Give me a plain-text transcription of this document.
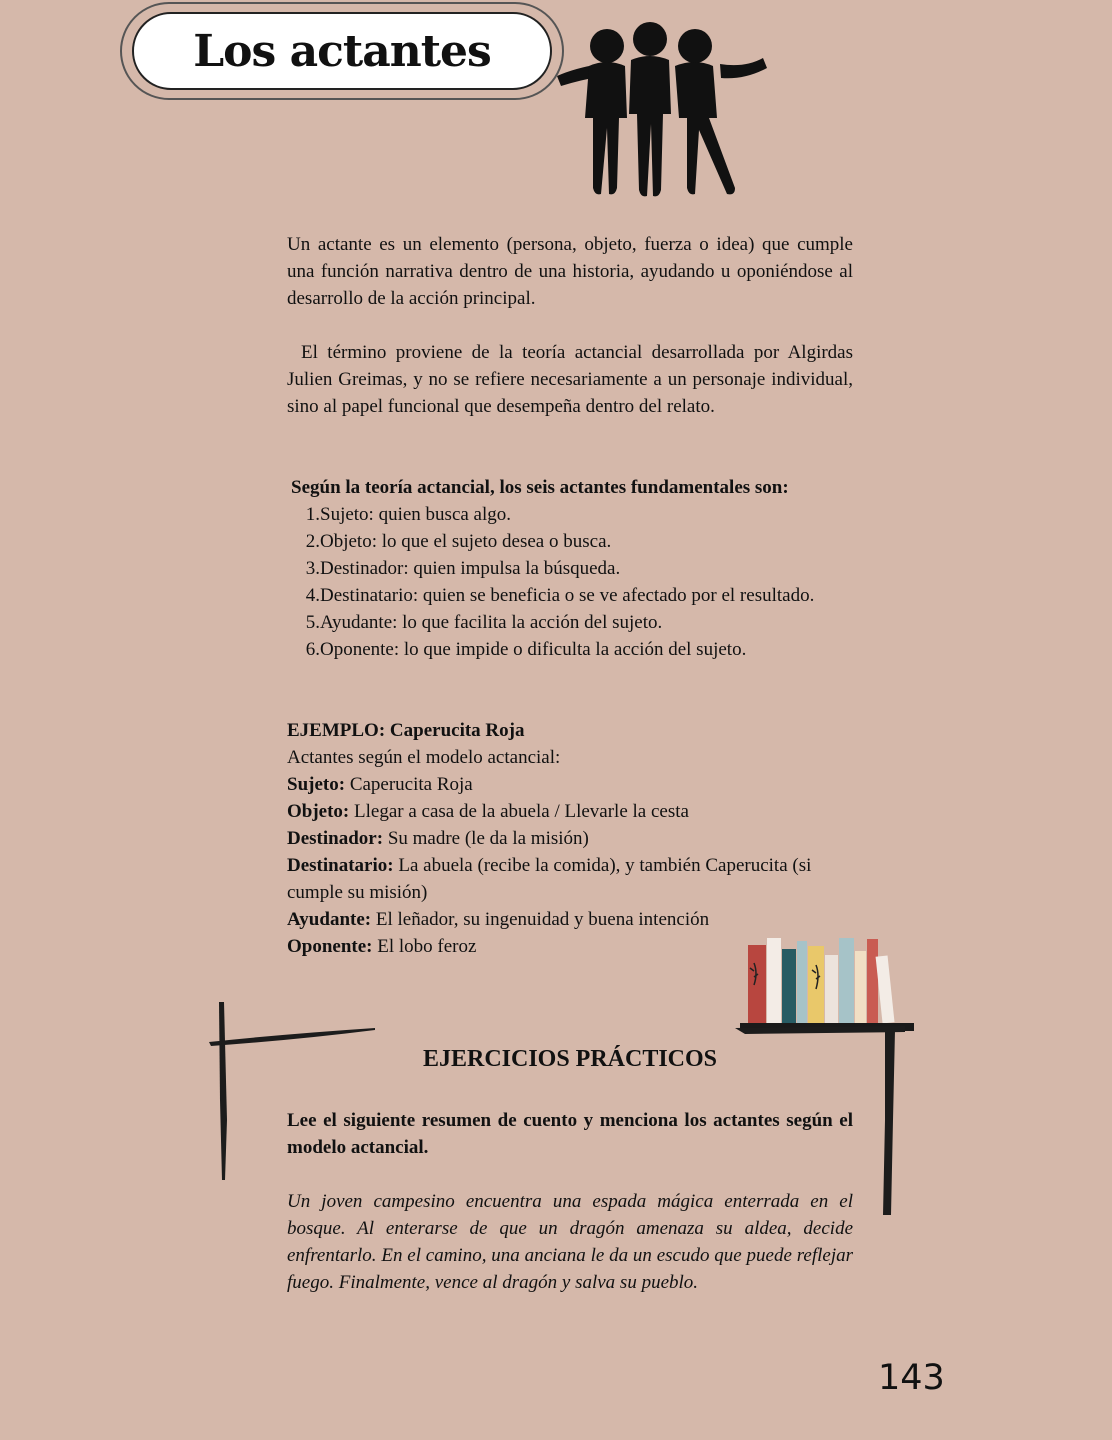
Los actantes

Un actante es un elemento (persona, objeto, fuerza o idea) que cumple una función narrativa dentro de una historia, ayudando u oponiéndose al desarrollo de la acción principal.

El término proviene de la teoría actancial desarrollada por Algirdas Julien Greimas, y no se refiere necesariamente a un personaje individual, sino al papel funcional que desempeña dentro del relato.

Según la teoría actancial, los seis actantes fundamentales son:

1. Sujeto: quien busca algo.
2. Objeto: lo que el sujeto desea o busca.
3. Destinador: quien impulsa la búsqueda.
4. Destinatario: quien se beneficia o se ve afectado por el resultado.
5. Ayudante: lo que facilita la acción del sujeto.
6. Oponente: lo que impide o dificulta la acción del sujeto.

EJEMPLO: Caperucita Roja

Actantes según el modelo actancial:

Sujeto: Caperucita Roja

Objeto: Llegar a casa de la abuela / Llevarle la cesta

Destinador: Su madre (le da la misión)

Destinatario: La abuela (recibe la comida), y también Caperucita (si cumple su misión)

Ayudante: El leñador, su ingenuidad y buena intención

Oponente: El lobo feroz

EJERCICIOS PRÁCTICOS
Lee el siguiente resumen de cuento y menciona los actantes según el modelo actancial.
Un joven campesino encuentra una espada mágica enterrada en el bosque. Al enterarse de que un dragón amenaza su aldea, decide enfrentarlo. En el camino, una anciana le da un escudo que puede reflejar fuego. Finalmente, vence al dragón y salva su pueblo.
143
